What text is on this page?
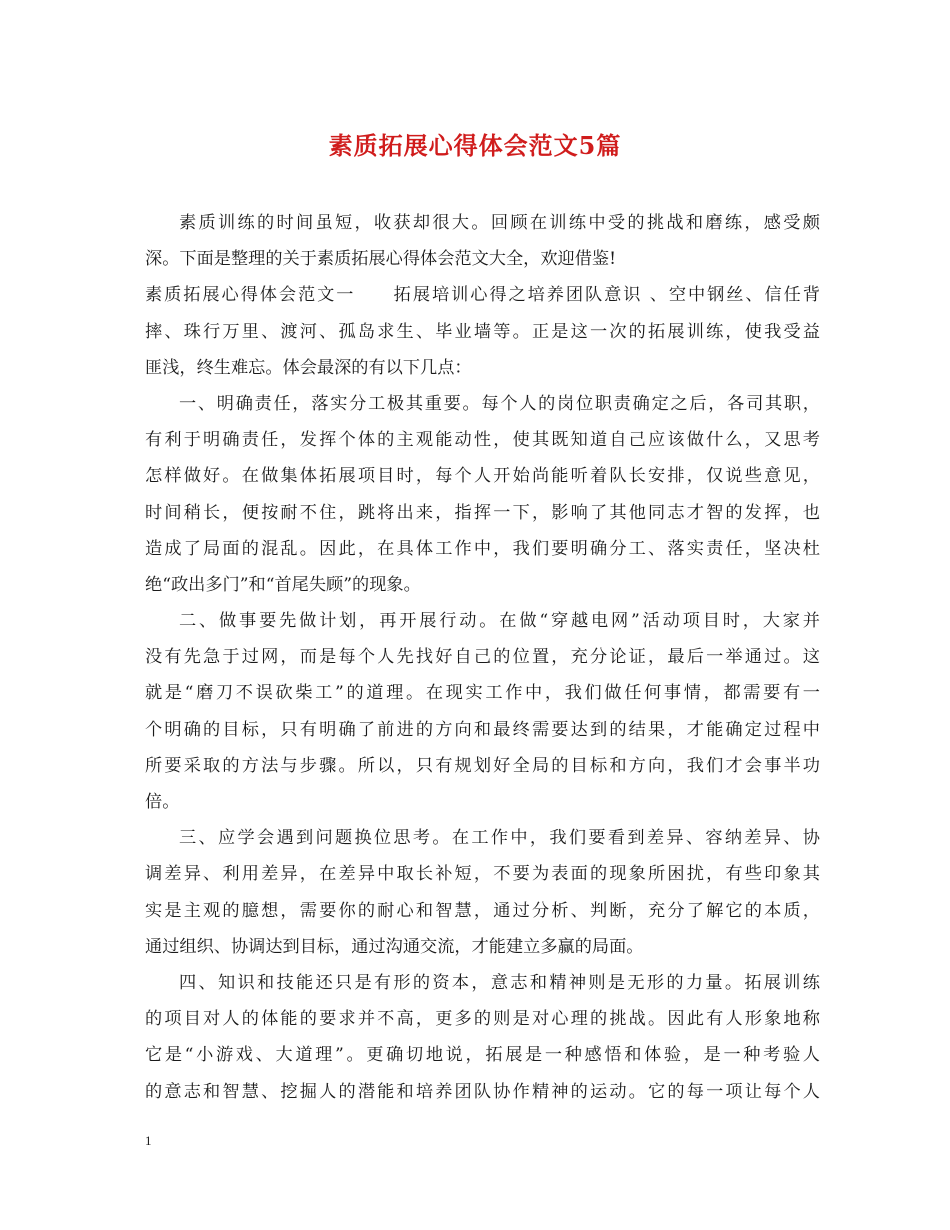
素质拓展心得体会范文5篇
素质训练的时间虽短，收获却很大。回顾在训练中受的挑战和磨练，感受颇
深。下面是整理的关于素质拓展心得体会范文大全，欢迎借鉴!
素质拓展心得体会范文一　　拓展培训心得之培养团队意识 、空中钢丝、信任背
摔、珠行万里、渡河、孤岛求生、毕业墙等。正是这一次的拓展训练，使我受益
匪浅，终生难忘。体会最深的有以下几点：
一、明确责任，落实分工极其重要。每个人的岗位职责确定之后，各司其职，
有利于明确责任，发挥个体的主观能动性，使其既知道自己应该做什么，又思考
怎样做好。在做集体拓展项目时，每个人开始尚能听着队长安排，仅说些意见，
时间稍长，便按耐不住，跳将出来，指挥一下，影响了其他同志才智的发挥，也
造成了局面的混乱。因此，在具体工作中，我们要明确分工、落实责任，坚决杜
绝“政出多门”和“首尾失顾”的现象。
二、做事要先做计划，再开展行动。在做“穿越电网”活动项目时，大家并
没有先急于过网，而是每个人先找好自己的位置，充分论证，最后一举通过。这
就是“磨刀不误砍柴工”的道理。在现实工作中，我们做任何事情，都需要有一
个明确的目标，只有明确了前进的方向和最终需要达到的结果，才能确定过程中
所要采取的方法与步骤。所以，只有规划好全局的目标和方向，我们才会事半功
倍。
三、应学会遇到问题换位思考。在工作中，我们要看到差异、容纳差异、协
调差异、利用差异，在差异中取长补短，不要为表面的现象所困扰，有些印象其
实是主观的臆想，需要你的耐心和智慧，通过分析、判断，充分了解它的本质，
通过组织、协调达到目标，通过沟通交流，才能建立多赢的局面。
四、知识和技能还只是有形的资本，意志和精神则是无形的力量。拓展训练
的项目对人的体能的要求并不高，更多的则是对心理的挑战。因此有人形象地称
它是“小游戏、大道理”。更确切地说，拓展是一种感悟和体验，是一种考验人
的意志和智慧、挖掘人的潜能和培养团队协作精神的运动。它的每一项让每个人
1
